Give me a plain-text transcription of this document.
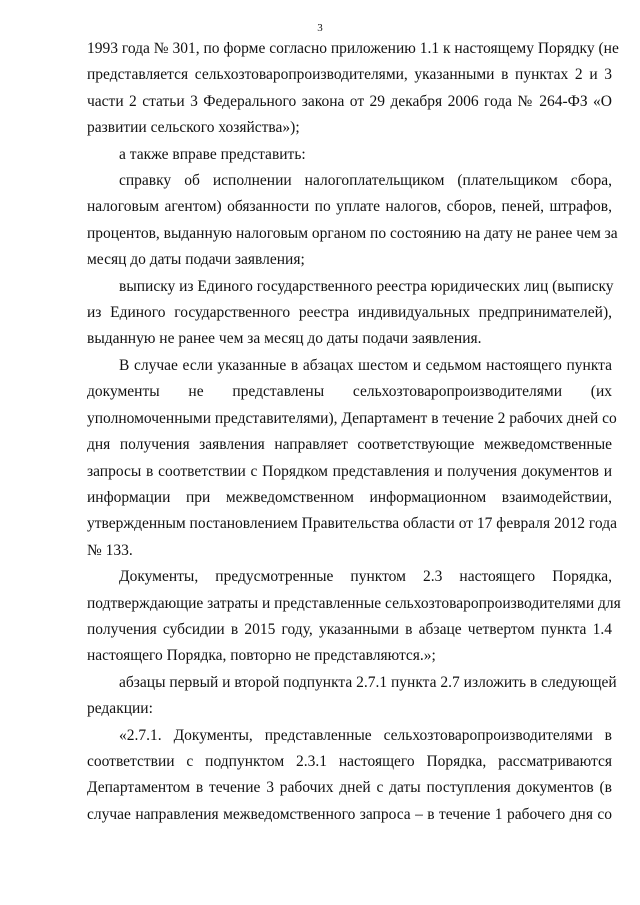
3
1993 года № 301, по форме согласно приложению 1.1 к настоящему Порядку (не
представляется сельхозтоваропроизводителями, указанными в пунктах 2 и 3
части 2 статьи 3 Федерального закона от 29 декабря 2006 года № 264-ФЗ «О
развитии сельского хозяйства»);
а также вправе представить:
справку об исполнении налогоплательщиком (плательщиком сбора,
налоговым агентом) обязанности по уплате налогов, сборов, пеней, штрафов,
процентов, выданную налоговым органом по состоянию на дату не ранее чем за
месяц до даты подачи заявления;
выписку из Единого государственного реестра юридических лиц (выписку
из Единого государственного реестра индивидуальных предпринимателей),
выданную не ранее чем за месяц до даты подачи заявления.
В случае если указанные в абзацах шестом и седьмом настоящего пункта
документы не представлены сельхозтоваропроизводителями (их
уполномоченными представителями), Департамент в течение 2 рабочих дней со
дня получения заявления направляет соответствующие межведомственные
запросы в соответствии с Порядком представления и получения документов и
информации при межведомственном информационном взаимодействии,
утвержденным постановлением Правительства области от 17 февраля 2012 года
№ 133.
Документы, предусмотренные пунктом 2.3 настоящего Порядка,
подтверждающие затраты и представленные сельхозтоваропроизводителями для
получения субсидии в 2015 году, указанными в абзаце четвертом пункта 1.4
настоящего Порядка, повторно не представляются.»;
абзацы первый и второй подпункта 2.7.1 пункта 2.7 изложить в следующей
редакции:
«2.7.1. Документы, представленные сельхозтоваропроизводителями в
соответствии с подпунктом 2.3.1 настоящего Порядка, рассматриваются
Департаментом в течение 3 рабочих дней с даты поступления документов (в
случае направления межведомственного запроса – в течение 1 рабочего дня со
